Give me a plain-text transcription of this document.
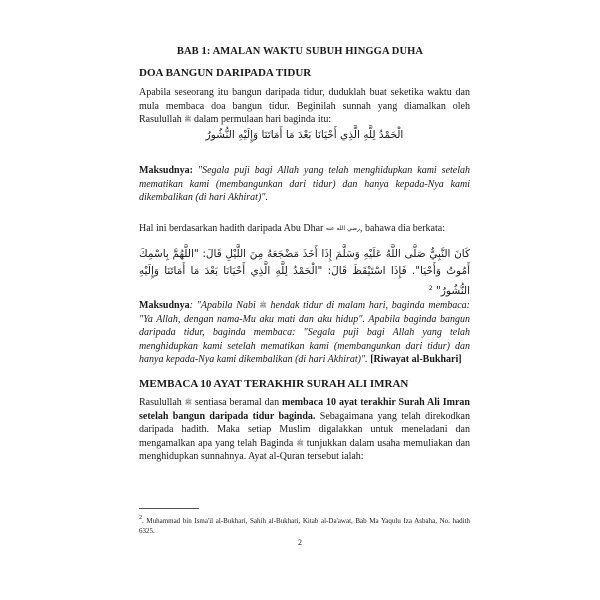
BAB 1: AMALAN WAKTU SUBUH HINGGA DUHA
DOA BANGUN DARIPADA TIDUR

Apabila seseorang itu bangun daripada tidur, duduklah buat seketika waktu dan mula membaca doa bangun tidur. Beginilah sunnah yang diamalkan oleh Rasulullah ﷺ dalam permulaan hari baginda itu:

الْحَمْدُ لِلَّهِ الَّذِي أَحْيَانَا بَعْدَ مَا أَمَاتَنَا وَإِلَيْهِ النُّشُورُ

Maksudnya: "Segala puji bagi Allah yang telah menghidupkan kami setelah mematikan kami (membangunkan dari tidur) dan hanya kepada-Nya kami dikembalikan (di hari Akhirat)".

Hal ini berdasarkan hadith daripada Abu Dhar رضي الله عنه, bahawa dia berkata:

كَانَ النَّبِيُّ صَلَّى اللَّهُ عَلَيْهِ وَسَلَّمَ إِذَا أَخَذَ مَضْجَعَهُ مِنَ اللَّيْلِ قَالَ: "اللَّهُمَّ بِاسْمِكَ أَمُوتُ وَأَحْيَا". فَإِذَا اسْتَيْقَظَ قَالَ: "الْحَمْدُ لِلَّهِ الَّذِي أَحْيَانَا بَعْدَ مَا أَمَاتَنَا وَإِلَيْهِ النُّشُورُ" $^2$

Maksudnya: "Apabila Nabi ﷺ hendak tidur di malam hari, baginda membaca: "Ya Allah, dengan nama-Mu aku mati dan aku hidup". Apabila baginda bangun daripada tidur, baginda membaca: "Segala puji bagi Allah yang telah menghidupkan kami setelah mematikan kami (membangunkan dari tidur) dan hanya kepada-Nya kami dikembalikan (di hari Akhirat)". [Riwayat al-Bukhari]

MEMBACA 10 AYAT TERAKHIR SURAH ALI IMRAN

Rasulullah ﷺ sentiasa beramal dan membaca 10 ayat terakhir Surah Ali Imran setelah bangun daripada tidur baginda. Sebagaimana yang telah direkodkan daripada hadith. Maka setiap Muslim digalakkan untuk meneladani dan mengamalkan apa yang telah Baginda ﷺ tunjukkan dalam usaha memuliakan dan menghidupkan sunnahnya. Ayat al-Quran tersebut ialah:

2. Muhammad bin Isma'il al-Bukhari, Sahih al-Bukhari, Kitab al-Da'awat, Bab Ma Yaqulu Iza Asbaha, No. hadith 6325.
2
